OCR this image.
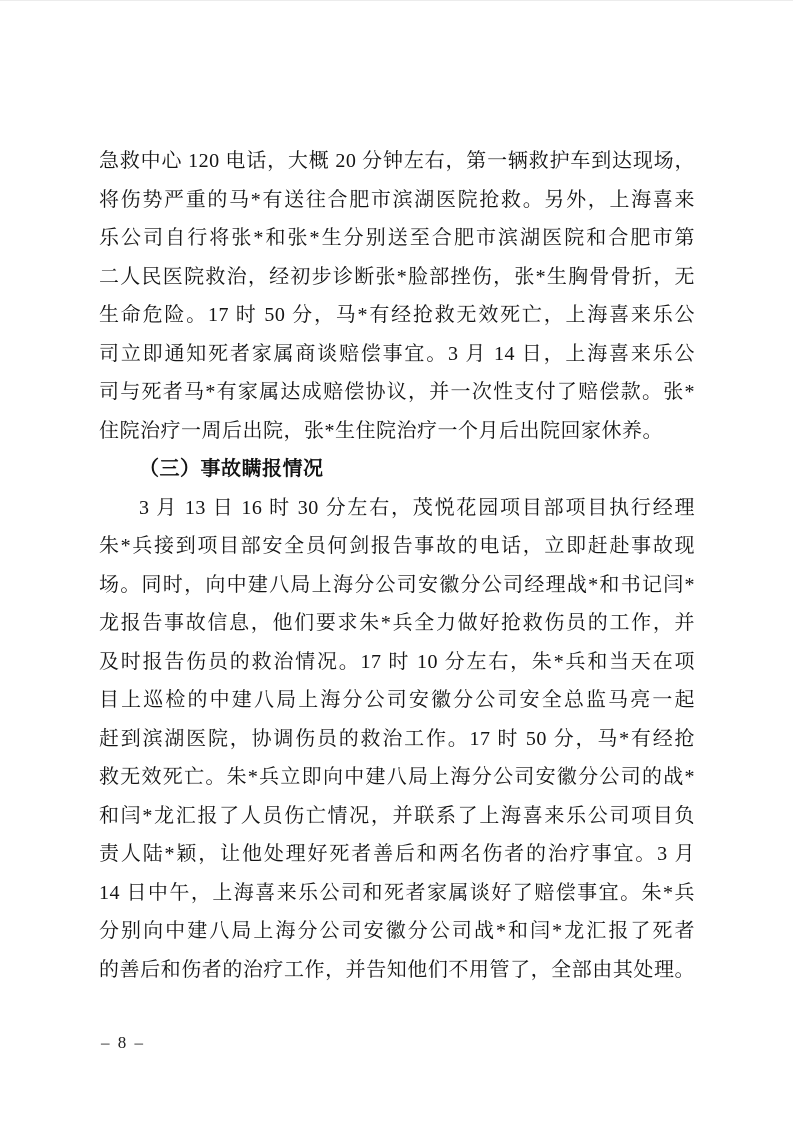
急救中心 120 电话，大概 20 分钟左右，第一辆救护车到达现场，
将伤势严重的马*有送往合肥市滨湖医院抢救。另外，上海喜来
乐公司自行将张*和张*生分别送至合肥市滨湖医院和合肥市第
二人民医院救治，经初步诊断张*脸部挫伤，张*生胸骨骨折，无
生命危险。17 时 50 分，马*有经抢救无效死亡，上海喜来乐公
司立即通知死者家属商谈赔偿事宜。3 月 14 日，上海喜来乐公
司与死者马*有家属达成赔偿协议，并一次性支付了赔偿款。张*
住院治疗一周后出院，张*生住院治疗一个月后出院回家休养。
（三）事故瞒报情况
3 月 13 日 16 时 30 分左右，茂悦花园项目部项目执行经理
朱*兵接到项目部安全员何剑报告事故的电话，立即赶赴事故现
场。同时，向中建八局上海分公司安徽分公司经理战*和书记闫*
龙报告事故信息，他们要求朱*兵全力做好抢救伤员的工作，并
及时报告伤员的救治情况。17 时 10 分左右，朱*兵和当天在项
目上巡检的中建八局上海分公司安徽分公司安全总监马亮一起
赶到滨湖医院，协调伤员的救治工作。17 时 50 分，马*有经抢
救无效死亡。朱*兵立即向中建八局上海分公司安徽分公司的战*
和闫*龙汇报了人员伤亡情况，并联系了上海喜来乐公司项目负
责人陆*颖，让他处理好死者善后和两名伤者的治疗事宜。3 月
14 日中午，上海喜来乐公司和死者家属谈好了赔偿事宜。朱*兵
分别向中建八局上海分公司安徽分公司战*和闫*龙汇报了死者
的善后和伤者的治疗工作，并告知他们不用管了，全部由其处理。
– 8 –
